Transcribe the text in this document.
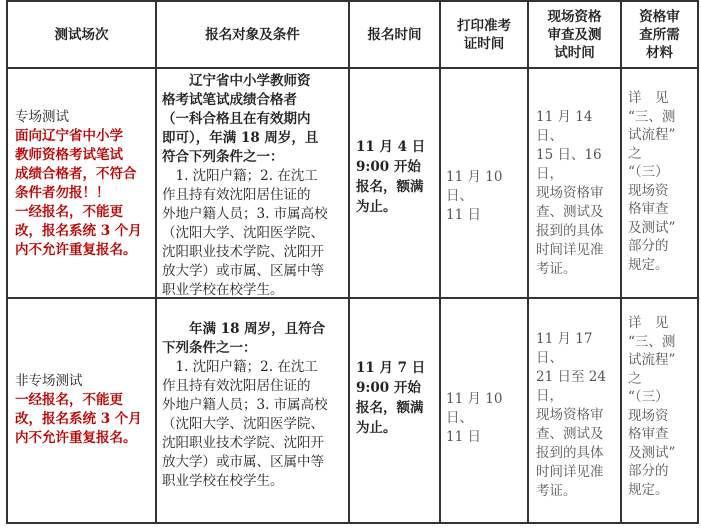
测试场次	报名对象及条件	报名时间
打印准考
证时间
现场资格
审查及测
试时间
资格审
查所需
材料
专场测试
面向辽宁省中小学
教师资格考试笔试
成绩合格者，不符合
条件者勿报！！
一经报名，不能更
改，报名系统 3 个月
内不允许重复报名。
　　辽宁省中小学教师资
格考试笔试成绩合格者
（一科合格且在有效期内
即可），年满 18 周岁，且
符合下列条件之一：
　1. 沈阳户籍；2. 在沈工
作且持有效沈阳居住证的
外地户籍人员；3. 市属高校
（沈阳大学、沈阳医学院、
沈阳职业技术学院、沈阳开
放大学）或市属、区属中等
职业学校在校学生。
11 月 4 日
9:00 开始
报名，额满
为止。
11 月 10 日、
11 日
11 月 14 日、
15 日、16
日，
现场资格审
查、测试及
报到的具体
时间详见准
考证。
详　见
“三、测
试流程”
之
“（三）
现场资
格审查
及测试”
部分的
规定。
非专场测试
一经报名，不能更
改，报名系统 3 个月
内不允许重复报名。
　　年满 18 周岁，且符合
下列条件之一：
　1. 沈阳户籍；2. 在沈工
作且持有效沈阳居住证的
外地户籍人员；3. 市属高校
（沈阳大学、沈阳医学院、
沈阳职业技术学院、沈阳开
放大学）或市属、区属中等
职业学校在校学生。
11 月 7 日
9:00 开始
报名，额满
为止。
11 月 10 日、
11 日
11 月 17 日、
21 日至 24
日，
现场资格审
查、测试及
报到的具体
时间详见准
考证。
详　见
“三、测
试流程”
之
“（三）
现场资
格审查
及测试”
部分的
规定。
